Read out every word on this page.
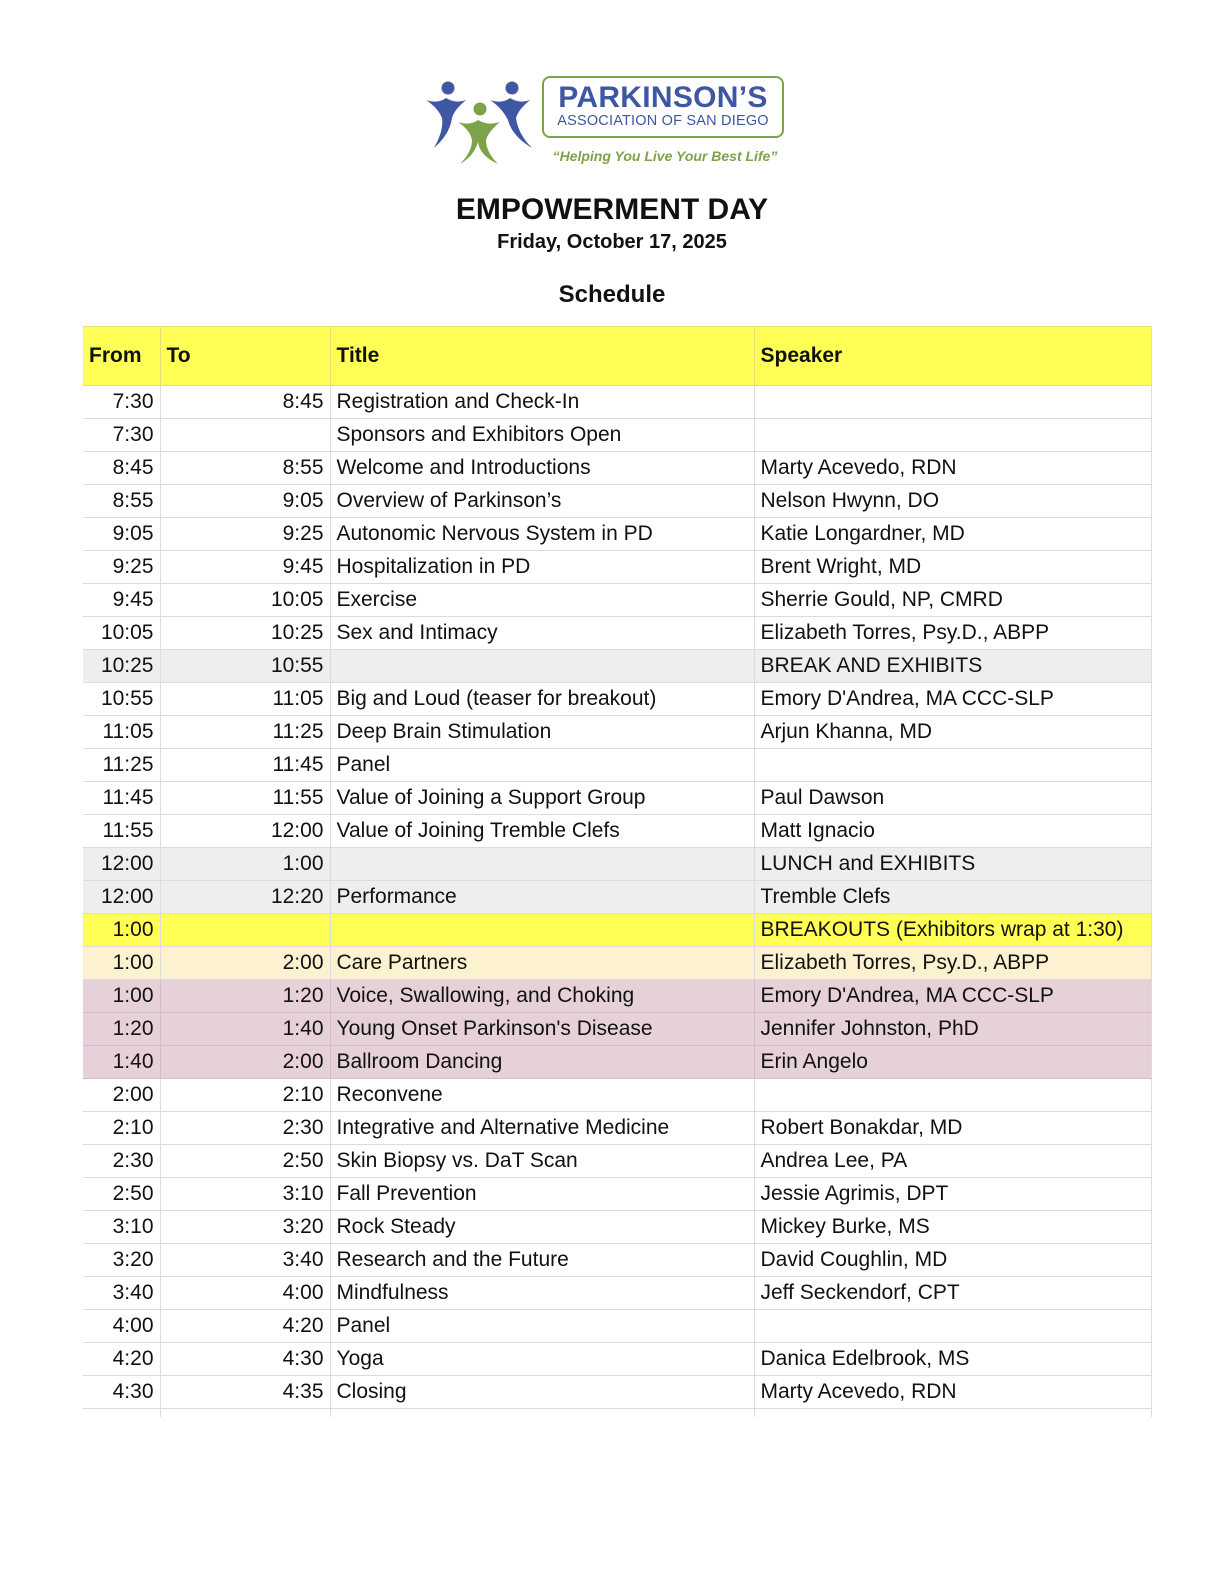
PARKINSON’S
ASSOCIATION OF SAN DIEGO
“Helping You Live Your Best Life”
EMPOWERMENT DAY
Friday, October 17, 2025
Schedule
From	To	Title	Speaker
7:30	8:45	Registration and Check-In	
7:30		Sponsors and Exhibitors Open	
8:45	8:55	Welcome and Introductions	Marty Acevedo, RDN
8:55	9:05	Overview of Parkinson’s	Nelson Hwynn, DO
9:05	9:25	Autonomic Nervous System in PD	Katie Longardner, MD
9:25	9:45	Hospitalization in PD	Brent Wright, MD
9:45	10:05	Exercise	Sherrie Gould, NP, CMRD
10:05	10:25	Sex and Intimacy	Elizabeth Torres, Psy.D., ABPP
10:25	10:55		BREAK AND EXHIBITS
10:55	11:05	Big and Loud (teaser for breakout)	Emory D'Andrea, MA CCC-SLP
11:05	11:25	Deep Brain Stimulation	Arjun Khanna, MD
11:25	11:45	Panel	
11:45	11:55	Value of Joining a Support Group	Paul Dawson
11:55	12:00	Value of Joining Tremble Clefs	Matt Ignacio
12:00	1:00		LUNCH and EXHIBITS
12:00	12:20	Performance	Tremble Clefs
1:00			BREAKOUTS (Exhibitors wrap at 1:30)
1:00	2:00	Care Partners	Elizabeth Torres, Psy.D., ABPP
1:00	1:20	Voice, Swallowing, and Choking	Emory D'Andrea, MA CCC-SLP
1:20	1:40	Young Onset Parkinson's Disease	Jennifer Johnston, PhD
1:40	2:00	Ballroom Dancing	Erin Angelo
2:00	2:10	Reconvene	
2:10	2:30	Integrative and Alternative Medicine	Robert Bonakdar, MD
2:30	2:50	Skin Biopsy vs. DaT Scan	Andrea Lee, PA
2:50	3:10	Fall Prevention	Jessie Agrimis, DPT
3:10	3:20	Rock Steady	Mickey Burke, MS
3:20	3:40	Research and the Future	David Coughlin, MD
3:40	4:00	Mindfulness	Jeff Seckendorf, CPT
4:00	4:20	Panel	
4:20	4:30	Yoga	Danica Edelbrook, MS
4:30	4:35	Closing	Marty Acevedo, RDN
